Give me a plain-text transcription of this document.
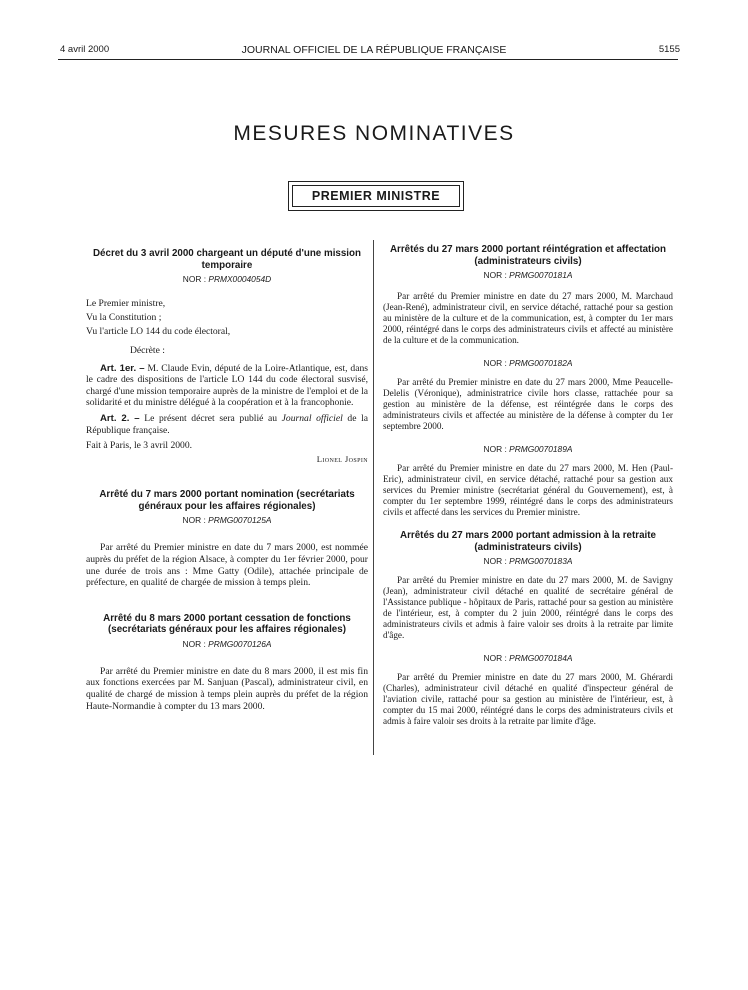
4 avril 2000	JOURNAL OFFICIEL DE LA RÉPUBLIQUE FRANÇAISE	5155
MESURES NOMINATIVES
PREMIER MINISTRE
Décret du 3 avril 2000 chargeant un député d'une mission temporaire
NOR : PRMX0004054D
Le Premier ministre,
Vu la Constitution ;
Vu l'article LO 144 du code électoral,
Décrète :
Art. 1er. – M. Claude Evin, député de la Loire-Atlantique, est, dans le cadre des dispositions de l'article LO 144 du code électoral susvisé, chargé d'une mission temporaire auprès de la ministre de l'emploi et de la solidarité et du ministre délégué à la coopération et à la francophonie.
Art. 2. – Le présent décret sera publié au Journal officiel de la République française.
Fait à Paris, le 3 avril 2000.
Lionel Jospin
Arrêté du 7 mars 2000 portant nomination (secrétariats généraux pour les affaires régionales)
NOR : PRMG0070125A
Par arrêté du Premier ministre en date du 7 mars 2000, est nommée auprès du préfet de la région Alsace, à compter du 1er février 2000, pour une durée de trois ans : Mme Gatty (Odile), attachée principale de préfecture, en qualité de chargée de mission à temps plein.
Arrêté du 8 mars 2000 portant cessation de fonctions (secrétariats généraux pour les affaires régionales)
NOR : PRMG0070126A
Par arrêté du Premier ministre en date du 8 mars 2000, il est mis fin aux fonctions exercées par M. Sanjuan (Pascal), administrateur civil, en qualité de chargé de mission à temps plein auprès du préfet de la région Haute-Normandie à compter du 13 mars 2000.
Arrêtés du 27 mars 2000 portant réintégration et affectation (administrateurs civils)
NOR : PRMG0070181A
Par arrêté du Premier ministre en date du 27 mars 2000, M. Marchaud (Jean-René), administrateur civil, en service détaché, rattaché pour sa gestion au ministère de la culture et de la communication, est, à compter du 1er mars 2000, réintégré dans le corps des administrateurs civils et affecté au ministère de la culture et de la communication.
NOR : PRMG0070182A
Par arrêté du Premier ministre en date du 27 mars 2000, Mme Peaucelle-Delelis (Véronique), administratrice civile hors classe, rattachée pour sa gestion au ministère de la défense, est réintégrée dans le corps des administrateurs civils et affectée au ministère de la défense à compter du 1er septembre 2000.
NOR : PRMG0070189A
Par arrêté du Premier ministre en date du 27 mars 2000, M. Hen (Paul-Eric), administrateur civil, en service détaché, rattaché pour sa gestion aux services du Premier ministre (secrétariat général du Gouvernement), est, à compter du 1er septembre 1999, réintégré dans le corps des administrateurs civils et affecté dans les services du Premier ministre.
Arrêtés du 27 mars 2000 portant admission à la retraite (administrateurs civils)
NOR : PRMG0070183A
Par arrêté du Premier ministre en date du 27 mars 2000, M. de Savigny (Jean), administrateur civil détaché en qualité de secrétaire général de l'Assistance publique - hôpitaux de Paris, rattaché pour sa gestion au ministère de l'intérieur, est, à compter du 2 juin 2000, réintégré dans le corps des administrateurs civils et admis à faire valoir ses droits à la retraite par limite d'âge.
NOR : PRMG0070184A
Par arrêté du Premier ministre en date du 27 mars 2000, M. Ghérardi (Charles), administrateur civil détaché en qualité d'inspecteur général de l'aviation civile, rattaché pour sa gestion au ministère de l'intérieur, est, à compter du 15 mai 2000, réintégré dans le corps des administrateurs civils et admis à faire valoir ses droits à la retraite par limite d'âge.
